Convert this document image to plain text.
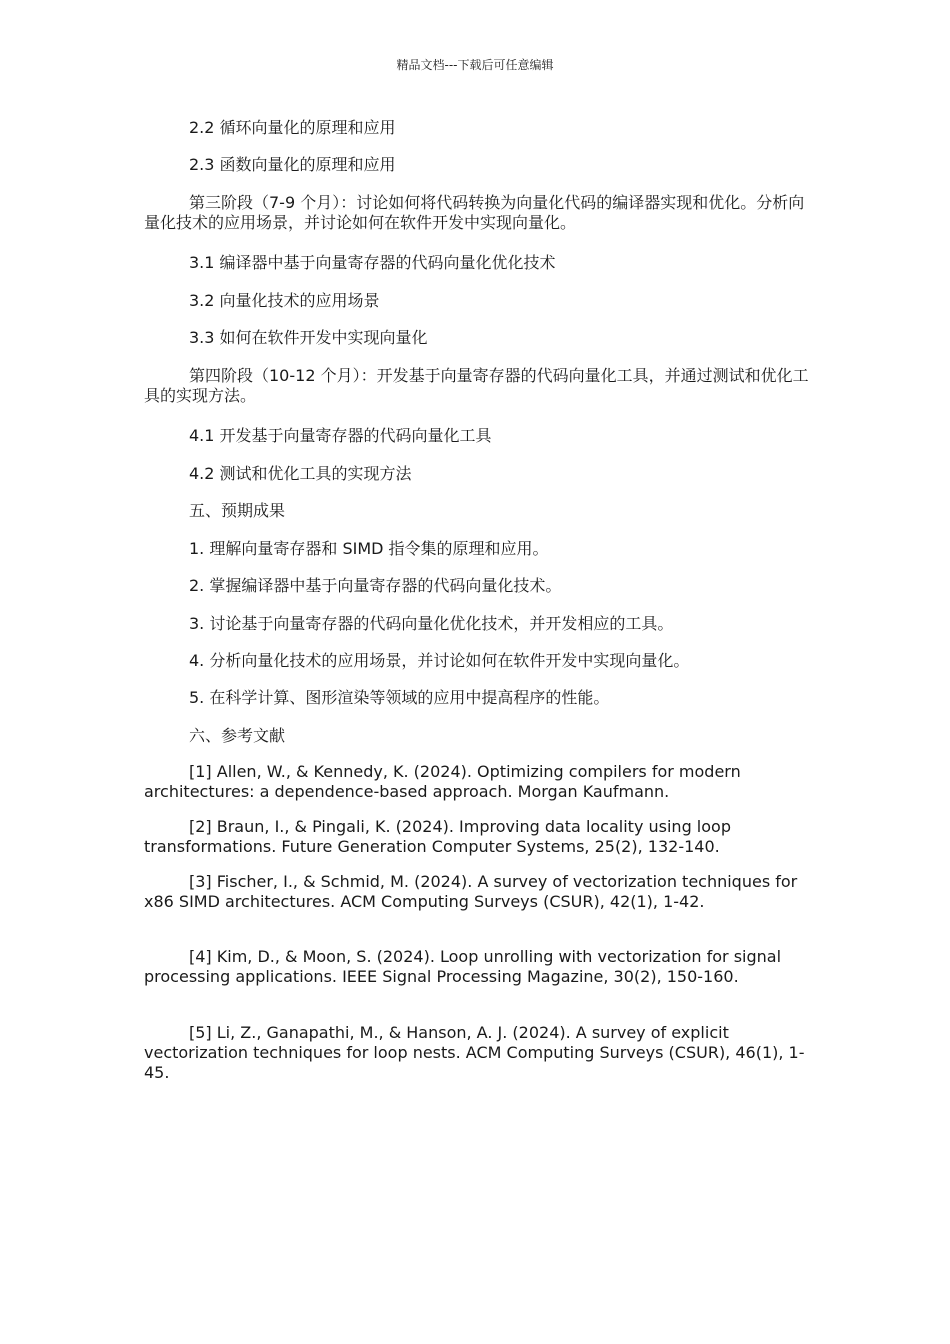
精品文档---下载后可任意编辑

2.2 循环向量化的原理和应用

2.3 函数向量化的原理和应用

第三阶段（7-9 个月）：讨论如何将代码转换为向量化代码的编译器实现和优化。分析向量化技术的应用场景，并讨论如何在软件开发中实现向量化。

3.1 编译器中基于向量寄存器的代码向量化优化技术

3.2 向量化技术的应用场景

3.3 如何在软件开发中实现向量化

第四阶段（10-12 个月）：开发基于向量寄存器的代码向量化工具，并通过测试和优化工具的实现方法。

4.1 开发基于向量寄存器的代码向量化工具

4.2 测试和优化工具的实现方法

五、预期成果

1. 理解向量寄存器和 SIMD 指令集的原理和应用。

2. 掌握编译器中基于向量寄存器的代码向量化技术。

3. 讨论基于向量寄存器的代码向量化优化技术，并开发相应的工具。

4. 分析向量化技术的应用场景，并讨论如何在软件开发中实现向量化。

5. 在科学计算、图形渲染等领域的应用中提高程序的性能。

六、参考文献

[1] Allen, W., & Kennedy, K. (2024). Optimizing compilers for modern architectures: a dependence-based approach. Morgan Kaufmann.

[2] Braun, I., & Pingali, K. (2024). Improving data locality using loop transformations. Future Generation Computer Systems, 25(2), 132-140.

[3] Fischer, I., & Schmid, M. (2024). A survey of vectorization techniques for x86 SIMD architectures. ACM Computing Surveys (CSUR), 42(1), 1-42.

[4] Kim, D., & Moon, S. (2024). Loop unrolling with vectorization for signal processing applications. IEEE Signal Processing Magazine, 30(2), 150-160.

[5] Li, Z., Ganapathi, M., & Hanson, A. J. (2024). A survey of explicit vectorization techniques for loop nests. ACM Computing Surveys (CSUR), 46(1), 1-45.
